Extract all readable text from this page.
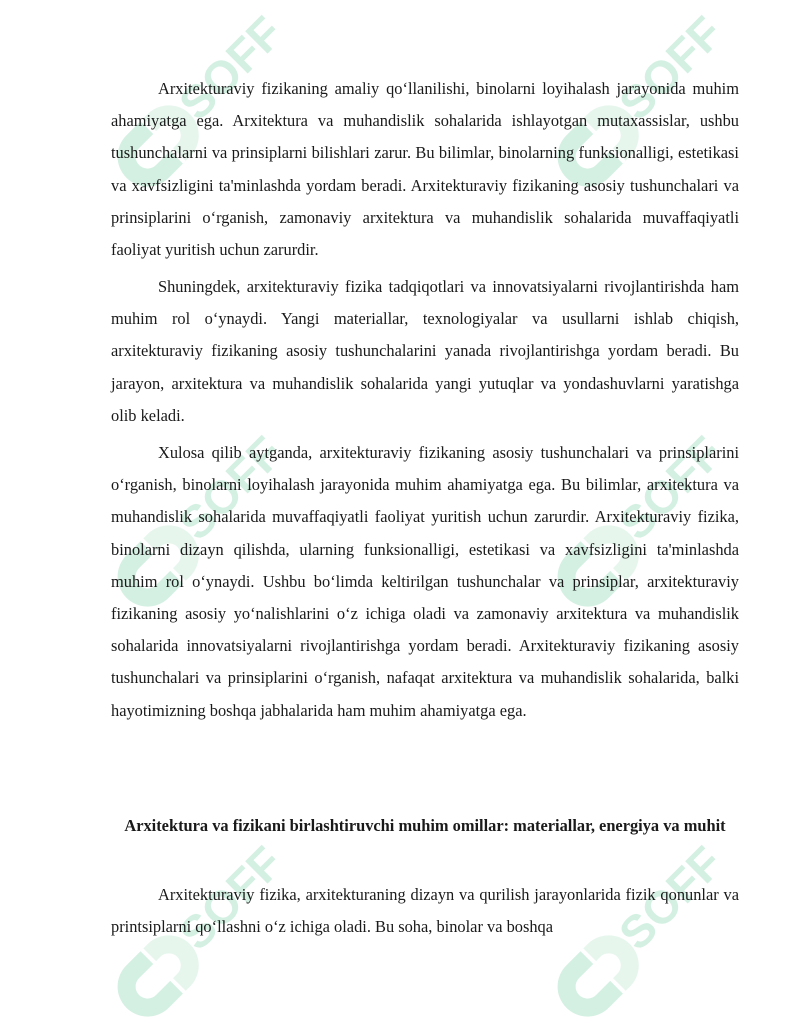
SOFF	SOFF
SOFF	SOFF
SOFF	SOFF

Arxitekturaviy fizikaning amaliy qo‘llanilishi, binolarni loyihalash jarayonida muhim ahamiyatga ega. Arxitektura va muhandislik sohalarida ishlayotgan mutaxassislar, ushbu tushunchalarni va prinsiplarni bilishlari zarur. Bu bilimlar, binolarning funksionalligi, estetikasi va xavfsizligini ta'minlashda yordam beradi. Arxitekturaviy fizikaning asosiy tushunchalari va prinsiplarini o‘rganish, zamonaviy arxitektura va muhandislik sohalarida muvaffaqiyatli faoliyat yuritish uchun zarurdir.

Shuningdek, arxitekturaviy fizika tadqiqotlari va innovatsiyalarni rivojlantirishda ham muhim rol o‘ynaydi. Yangi materiallar, texnologiyalar va usullarni ishlab chiqish, arxitekturaviy fizikaning asosiy tushunchalarini yanada rivojlantirishga yordam beradi. Bu jarayon, arxitektura va muhandislik sohalarida yangi yutuqlar va yondashuvlarni yaratishga olib keladi.

Xulosa qilib aytganda, arxitekturaviy fizikaning asosiy tushunchalari va prinsiplarini o‘rganish, binolarni loyihalash jarayonida muhim ahamiyatga ega. Bu bilimlar, arxitektura va muhandislik sohalarida muvaffaqiyatli faoliyat yuritish uchun zarurdir. Arxitekturaviy fizika, binolarni dizayn qilishda, ularning funksionalligi, estetikasi va xavfsizligini ta'minlashda muhim rol o‘ynaydi. Ushbu bo‘limda keltirilgan tushunchalar va prinsiplar, arxitekturaviy fizikaning asosiy yo‘nalishlarini o‘z ichiga oladi va zamonaviy arxitektura va muhandislik sohalarida innovatsiyalarni rivojlantirishga yordam beradi. Arxitekturaviy fizikaning asosiy tushunchalari va prinsiplarini o‘rganish, nafaqat arxitektura va muhandislik sohalarida, balki hayotimizning boshqa jabhalarida ham muhim ahamiyatga ega.

Arxitektura va fizikani birlashtiruvchi muhim omillar: materiallar, energiya va muhit

Arxitekturaviy fizika, arxitekturaning dizayn va qurilish jarayonlarida fizik qonunlar va printsiplarni qo‘llashni o‘z ichiga oladi. Bu soha, binolar va boshqa
